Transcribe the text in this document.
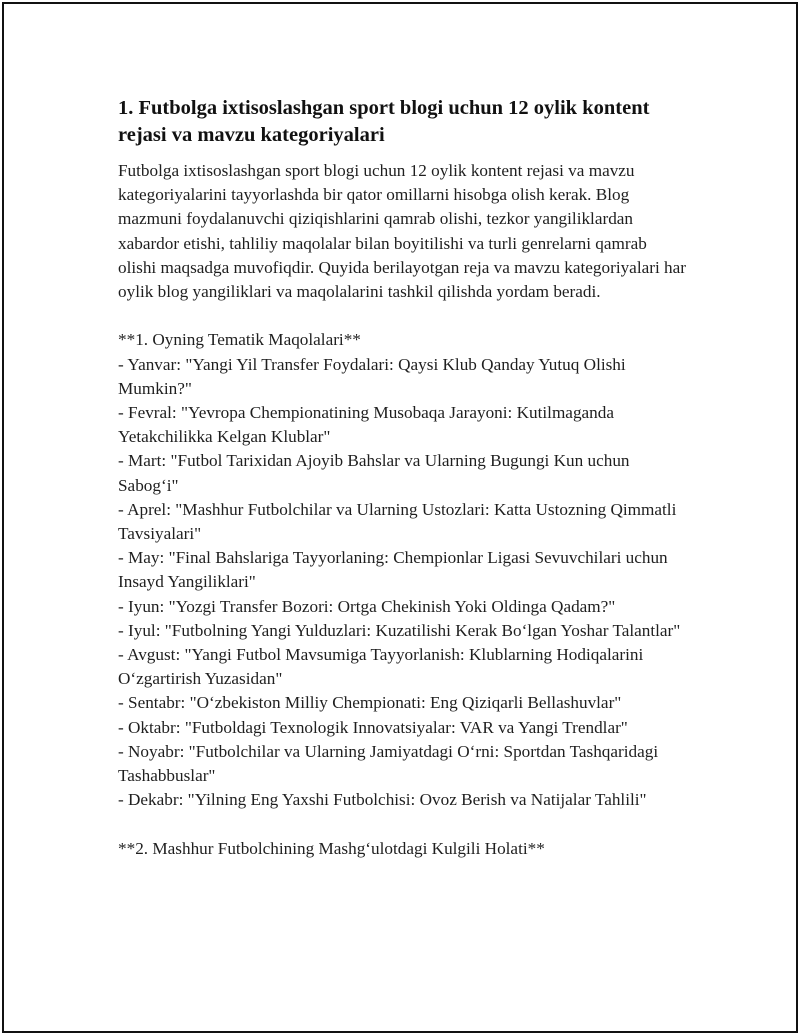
1. Futbolga ixtisoslashgan sport blogi uchun 12 oylik kontent rejasi va mavzu kategoriyalari

Futbolga ixtisoslashgan sport blogi uchun 12 oylik kontent rejasi va mavzu kategoriyalarini tayyorlashda bir qator omillarni hisobga olish kerak. Blog mazmuni foydalanuvchi qiziqishlarini qamrab olishi, tezkor yangiliklardan xabardor etishi, tahliliy maqolalar bilan boyitilishi va turli genrelarni qamrab olishi maqsadga muvofiqdir. Quyida berilayotgan reja va mavzu kategoriyalari har oylik blog yangiliklari va maqolalarini tashkil qilishda yordam beradi.

**1. Oyning Tematik Maqolalari**
- Yanvar: "Yangi Yil Transfer Foydalari: Qaysi Klub Qanday Yutuq Olishi Mumkin?"
- Fevral: "Yevropa Chempionatining Musobaqa Jarayoni: Kutilmaganda Yetakchilikka Kelgan Klublar"
- Mart: "Futbol Tarixidan Ajoyib Bahslar va Ularning Bugungi Kun uchun Sabog‘i"
- Aprel: "Mashhur Futbolchilar va Ularning Ustozlari: Katta Ustozning Qimmatli Tavsiyalari"
- May: "Final Bahslariga Tayyorlaning: Chempionlar Ligasi Sevuvchilari uchun Insayd Yangiliklari"
- Iyun: "Yozgi Transfer Bozori: Ortga Chekinish Yoki Oldinga Qadam?"
- Iyul: "Futbolning Yangi Yulduzlari: Kuzatilishi Kerak Bo‘lgan Yoshar Talantlar"
- Avgust: "Yangi Futbol Mavsumiga Tayyorlanish: Klublarning Hodiqalarini O‘zgartirish Yuzasidan"
- Sentabr: "O‘zbekiston Milliy Chempionati: Eng Qiziqarli Bellashuvlar"
- Oktabr: "Futboldagi Texnologik Innovatsiyalar: VAR va Yangi Trendlar"
- Noyabr: "Futbolchilar va Ularning Jamiyatdagi O‘rni: Sportdan Tashqaridagi Tashabbuslar"
- Dekabr: "Yilning Eng Yaxshi Futbolchisi: Ovoz Berish va Natijalar Tahlili"
**2. Mashhur Futbolchining Mashg‘ulotdagi Kulgili Holati**
